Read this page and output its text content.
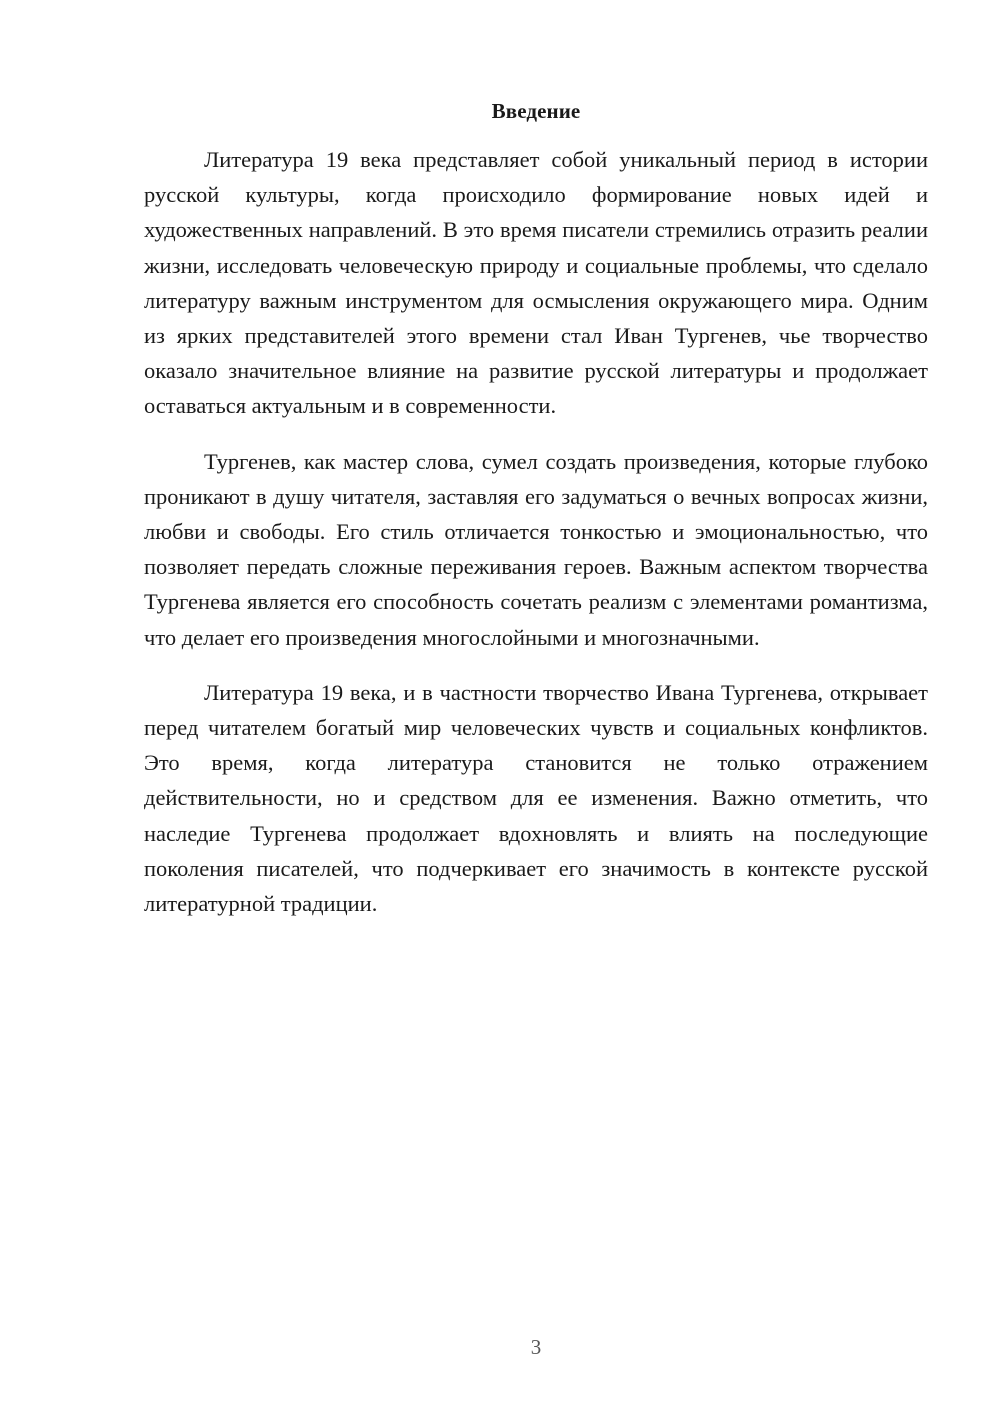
Введение

Литература 19 века представляет собой уникальный период в истории русской культуры, когда происходило формирование новых идей и художественных направлений. В это время писатели стремились отразить реалии жизни, исследовать человеческую природу и социальные проблемы, что сделало литературу важным инструментом для осмысления окружающего мира. Одним из ярких представителей этого времени стал Иван Тургенев, чье творчество оказало значительное влияние на развитие русской литературы и продолжает оставаться актуальным и в современности.

Тургенев, как мастер слова, сумел создать произведения, которые глубоко проникают в душу читателя, заставляя его задуматься о вечных вопросах жизни, любви и свободы. Его стиль отличается тонкостью и эмоциональностью, что позволяет передать сложные переживания героев. Важным аспектом творчества Тургенева является его способность сочетать реализм с элементами романтизма, что делает его произведения многослойными и многозначными.

Литература 19 века, и в частности творчество Ивана Тургенева, открывает перед читателем богатый мир человеческих чувств и социальных конфликтов. Это время, когда литература становится не только отражением действительности, но и средством для ее изменения. Важно отметить, что наследие Тургенева продолжает вдохновлять и влиять на последующие поколения писателей, что подчеркивает его значимость в контексте русской литературной традиции.

3
